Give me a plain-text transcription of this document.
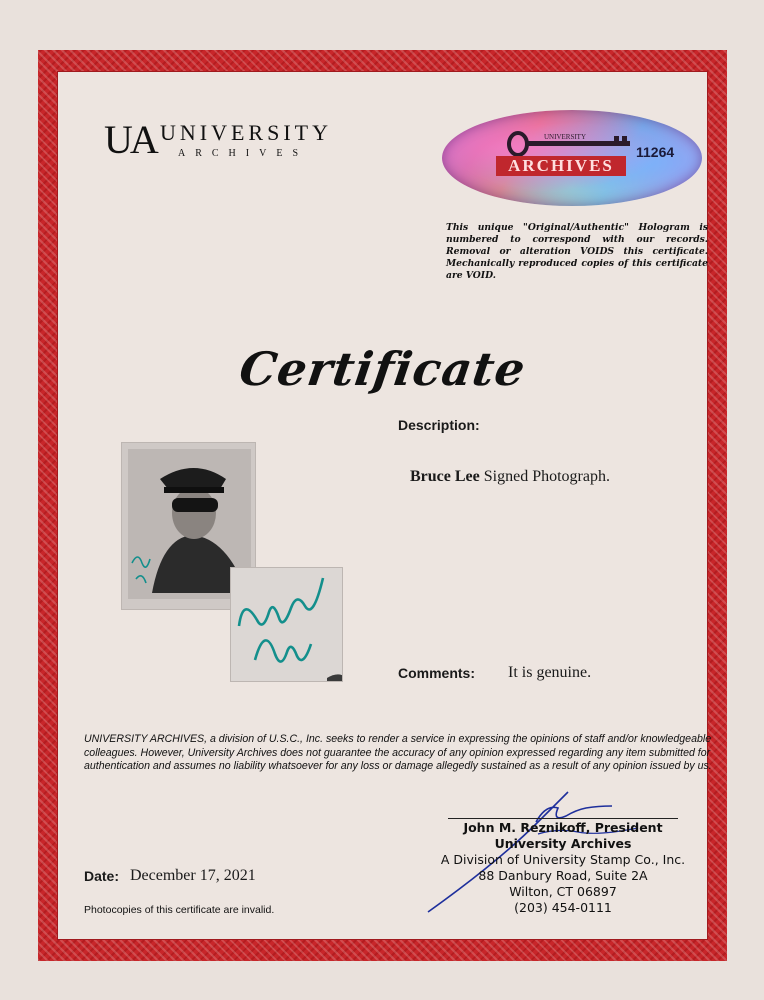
UA UNIVERSITY
ARCHIVES
UNIVERSITY
ARCHIVES
11264
This unique "Original/Authentic" Hologram is numbered to correspond with our records. Removal or alteration VOIDS this certificate. Mechanically reproduced copies of this certificate are VOID.
Certificate
Description:
Bruce Lee Signed Photograph.
Comments: It is genuine.
UNIVERSITY ARCHIVES, a division of U.S.C., Inc. seeks to render a service in expressing the opinions of staff and/or knowledgeable colleagues. However, University Archives does not guarantee the accuracy of any opinion expressed regarding any item submitted for authentication and assumes no liability whatsoever for any loss or damage allegedly sustained as a result of any opinion issued by us.
John M. Reznikoff, President
University Archives
A Division of University Stamp Co., Inc.
88 Danbury Road, Suite 2A
Wilton, CT 06897
(203) 454-0111
Date: December 17, 2021
Photocopies of this certificate are invalid.
